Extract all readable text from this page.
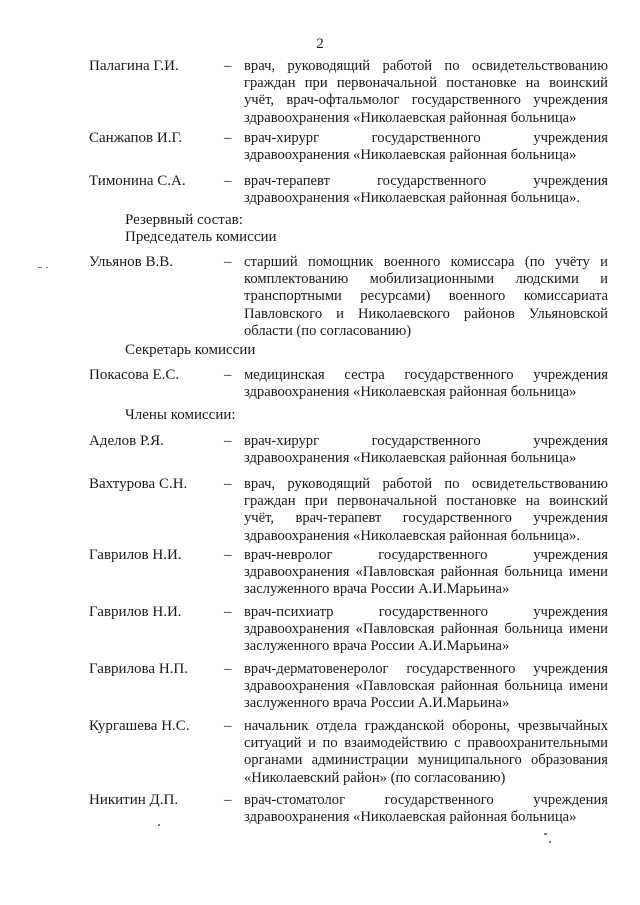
2
Палагина Г.И.	– врач, руководящий работой по освидетельствованию граждан при первоначальной постановке на воинский учёт, врач-офтальмолог государственного учреждения здравоохранения «Николаевская районная больница»
Санжапов И.Г.	– врач-хирург государственного учреждения здравоохранения «Николаевская районная больница»
Тимонина С.А.	– врач-терапевт государственного учреждения здравоохранения «Николаевская районная больница».
Резервный состав:
Председатель комиссии
Ульянов В.В.	– старший помощник военного комиссара (по учёту и комплектованию мобилизационными людскими и транспортными ресурсами) военного комиссариата Павловского и Николаевского районов Ульяновской области (по согласованию)
Секретарь комиссии
Покасова Е.С.	– медицинская сестра государственного учреждения здравоохранения «Николаевская районная больница»
Члены комиссии:
Аделов Р.Я.	– врач-хирург государственного учреждения здравоохранения «Николаевская районная больница»
Вахтурова С.Н. – врач, руководящий работой по освидетельствованию граждан при первоначальной постановке на воинский учёт, врач-терапевт государственного учреждения здравоохранения «Николаевская районная больница».
Гаврилов Н.И.	– врач-невролог государственного учреждения здравоохранения «Павловская районная больница имени заслуженного врача России А.И.Марьина»
Гаврилов Н.И.	– врач-психиатр государственного учреждения здравоохранения «Павловская районная больница имени заслуженного врача России А.И.Марьина»
Гаврилова Н.П. – врач-дерматовенеролог государственного учреждения здравоохранения «Павловская районная больница имени заслуженного врача России А.И.Марьина»
Кургашева Н.С. – начальник отдела гражданской обороны, чрезвычайных ситуаций и по взаимодействию с правоохранительными органами администрации муниципального образования «Николаевский район» (по согласованию)
Никитин Д.П.	– врач-стоматолог государственного учреждения здравоохранения «Николаевская районная больница»
